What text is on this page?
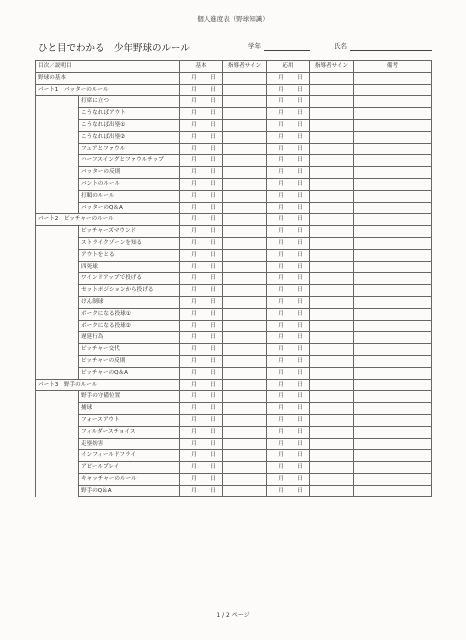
個人進度表（野球知識）
ひと目でわかる　少年野球のルール	学年	氏名
目次／説明目		基本	指導者サイン	応用	指導者サイン	備考
野球の基本		月 日		月 日		
パート1　バッターのルール		月 日		月 日		
	打席に立つ	月 日		月 日		
	こうなればアウト	月 日		月 日		
	こうなれば出塁①	月 日		月 日		
	こうなれば出塁②	月 日		月 日		
	フェアとファウル	月 日		月 日		
	ハーフスイングとファウルチップ	月 日		月 日		
	バッターの反則	月 日		月 日		
	バントのルール	月 日		月 日		
	打順のルール	月 日		月 日		
	バッターのQ＆A	月 日		月 日		
パート2　ピッチャーのルール		月 日		月 日		
	ピッチャーズマウンド	月 日		月 日		
	ストライクゾーンを知る	月 日		月 日		
	アウトをとる	月 日		月 日		
	四死球	月 日		月 日		
	ワインドアップで投げる	月 日		月 日		
	セットポジションから投げる	月 日		月 日		
	けん制球	月 日		月 日		
	ボークになる投球①	月 日		月 日		
	ボークになる投球②	月 日		月 日		
	遅延行為	月 日		月 日		
	ピッチャー交代	月 日		月 日		
	ピッチャーの反則	月 日		月 日		
	ピッチャーのQ＆A	月 日		月 日		
パート3　野手のルール		月 日		月 日		
	野手の守備位置	月 日		月 日		
	捕球	月 日		月 日		
	フォースアウト	月 日		月 日		
	フィルダースチョイス	月 日		月 日		
	走塁妨害	月 日		月 日		
	インフィールドフライ	月 日		月 日		
	アピールプレイ	月 日		月 日		
	キャッチャーのルール	月 日		月 日		
	野手のQ＆A	月 日		月 日		
1 / 2 ページ
